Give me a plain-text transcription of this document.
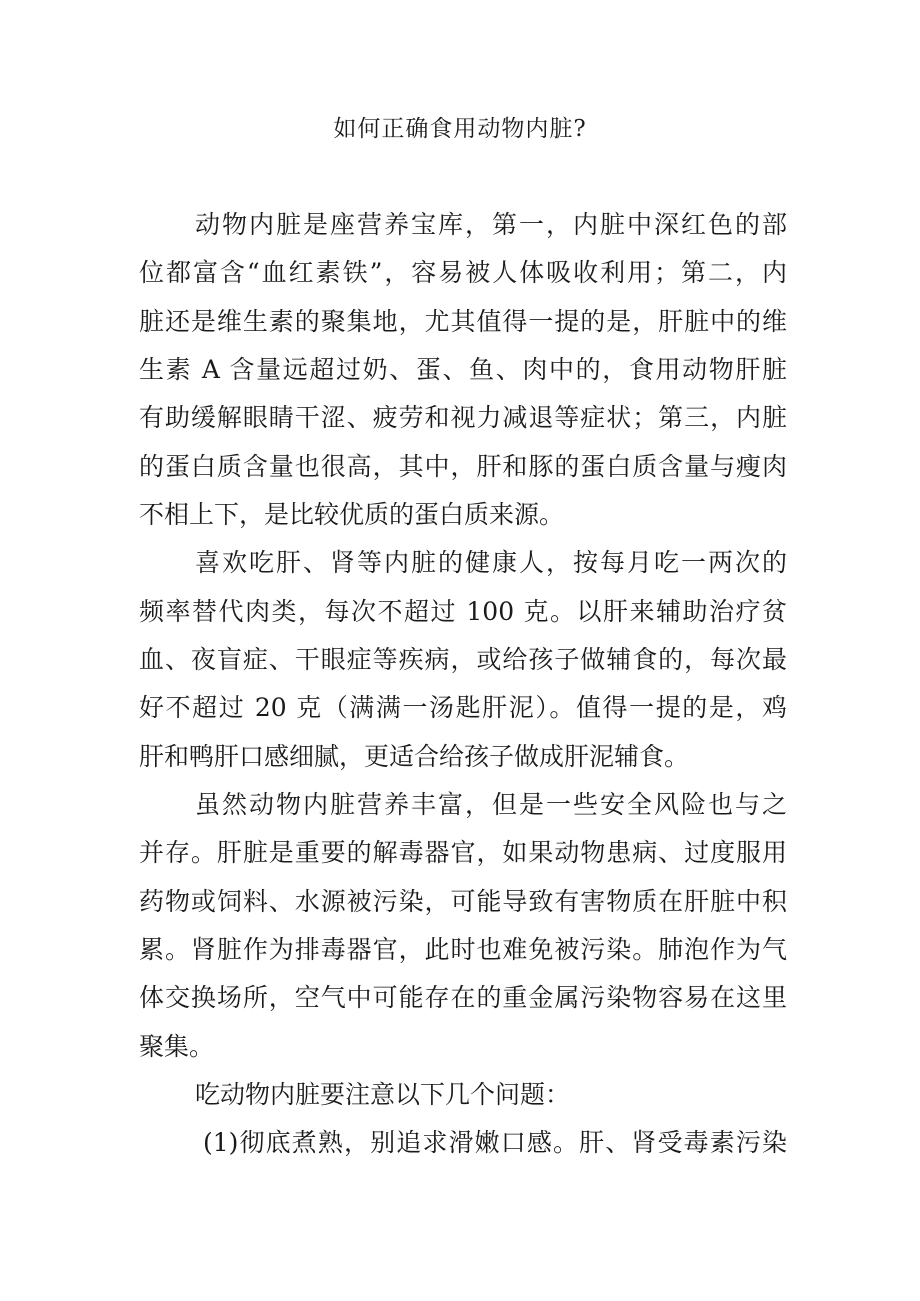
如何正确食用动物内脏?
动物内脏是座营养宝库，第一，内脏中深红色的部
位都富含“血红素铁”，容易被人体吸收利用；第二，内
脏还是维生素的聚集地，尤其值得一提的是，肝脏中的维
生素 A 含量远超过奶、蛋、鱼、肉中的，食用动物肝脏
有助缓解眼睛干涩、疲劳和视力减退等症状；第三，内脏
的蛋白质含量也很高，其中，肝和豚的蛋白质含量与瘦肉
不相上下，是比较优质的蛋白质来源。
喜欢吃肝、肾等内脏的健康人，按每月吃一两次的
频率替代肉类，每次不超过 100 克。以肝来辅助治疗贫
血、夜盲症、干眼症等疾病，或给孩子做辅食的，每次最
好不超过 20 克（满满一汤匙肝泥）。值得一提的是，鸡
肝和鸭肝口感细腻，更适合给孩子做成肝泥辅食。
虽然动物内脏营养丰富，但是一些安全风险也与之
并存。肝脏是重要的解毒器官，如果动物患病、过度服用
药物或饲料、水源被污染，可能导致有害物质在肝脏中积
累。肾脏作为排毒器官，此时也难免被污染。肺泡作为气
体交换场所，空气中可能存在的重金属污染物容易在这里
聚集。
吃动物内脏要注意以下几个问题：
(1)彻底煮熟，别追求滑嫩口感。肝、肾受毒素污染
